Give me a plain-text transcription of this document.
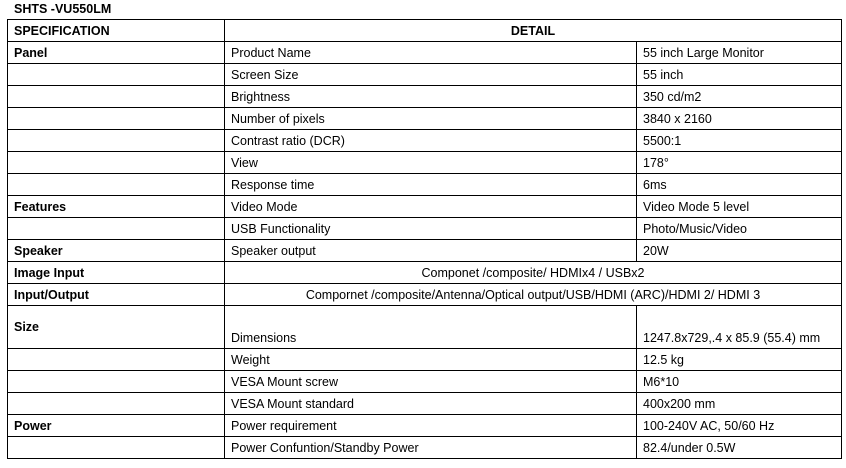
SHTS -VU550LM
SPECIFICATION	DETAIL	
Panel	Product Name	55 inch Large Monitor
	Screen Size	55 inch
	Brightness	350 cd/m2
	Number of pixels	3840 x 2160
	Contrast ratio (DCR)	5500:1
	View	178°
	Response time	6ms
Features	Video Mode	Video Mode 5 level
	USB Functionality	Photo/Music/Video
Speaker	Speaker output	20W
Image Input	Componet /composite/ HDMIx4 / USBx2	
Input/Output	Compornet /composite/Antenna/Optical output/USB/HDMI (ARC)/HDMI 2/ HDMI 3	
Size	Dimensions	1247.8x729,.4 x 85.9 (55.4) mm
	Weight	12.5 kg
	VESA Mount screw	M6*10
	VESA Mount standard	400x200 mm
Power	Power requirement	100-240V AC, 50/60 Hz
	Power Confuntion/Standby Power	82.4/under 0.5W
